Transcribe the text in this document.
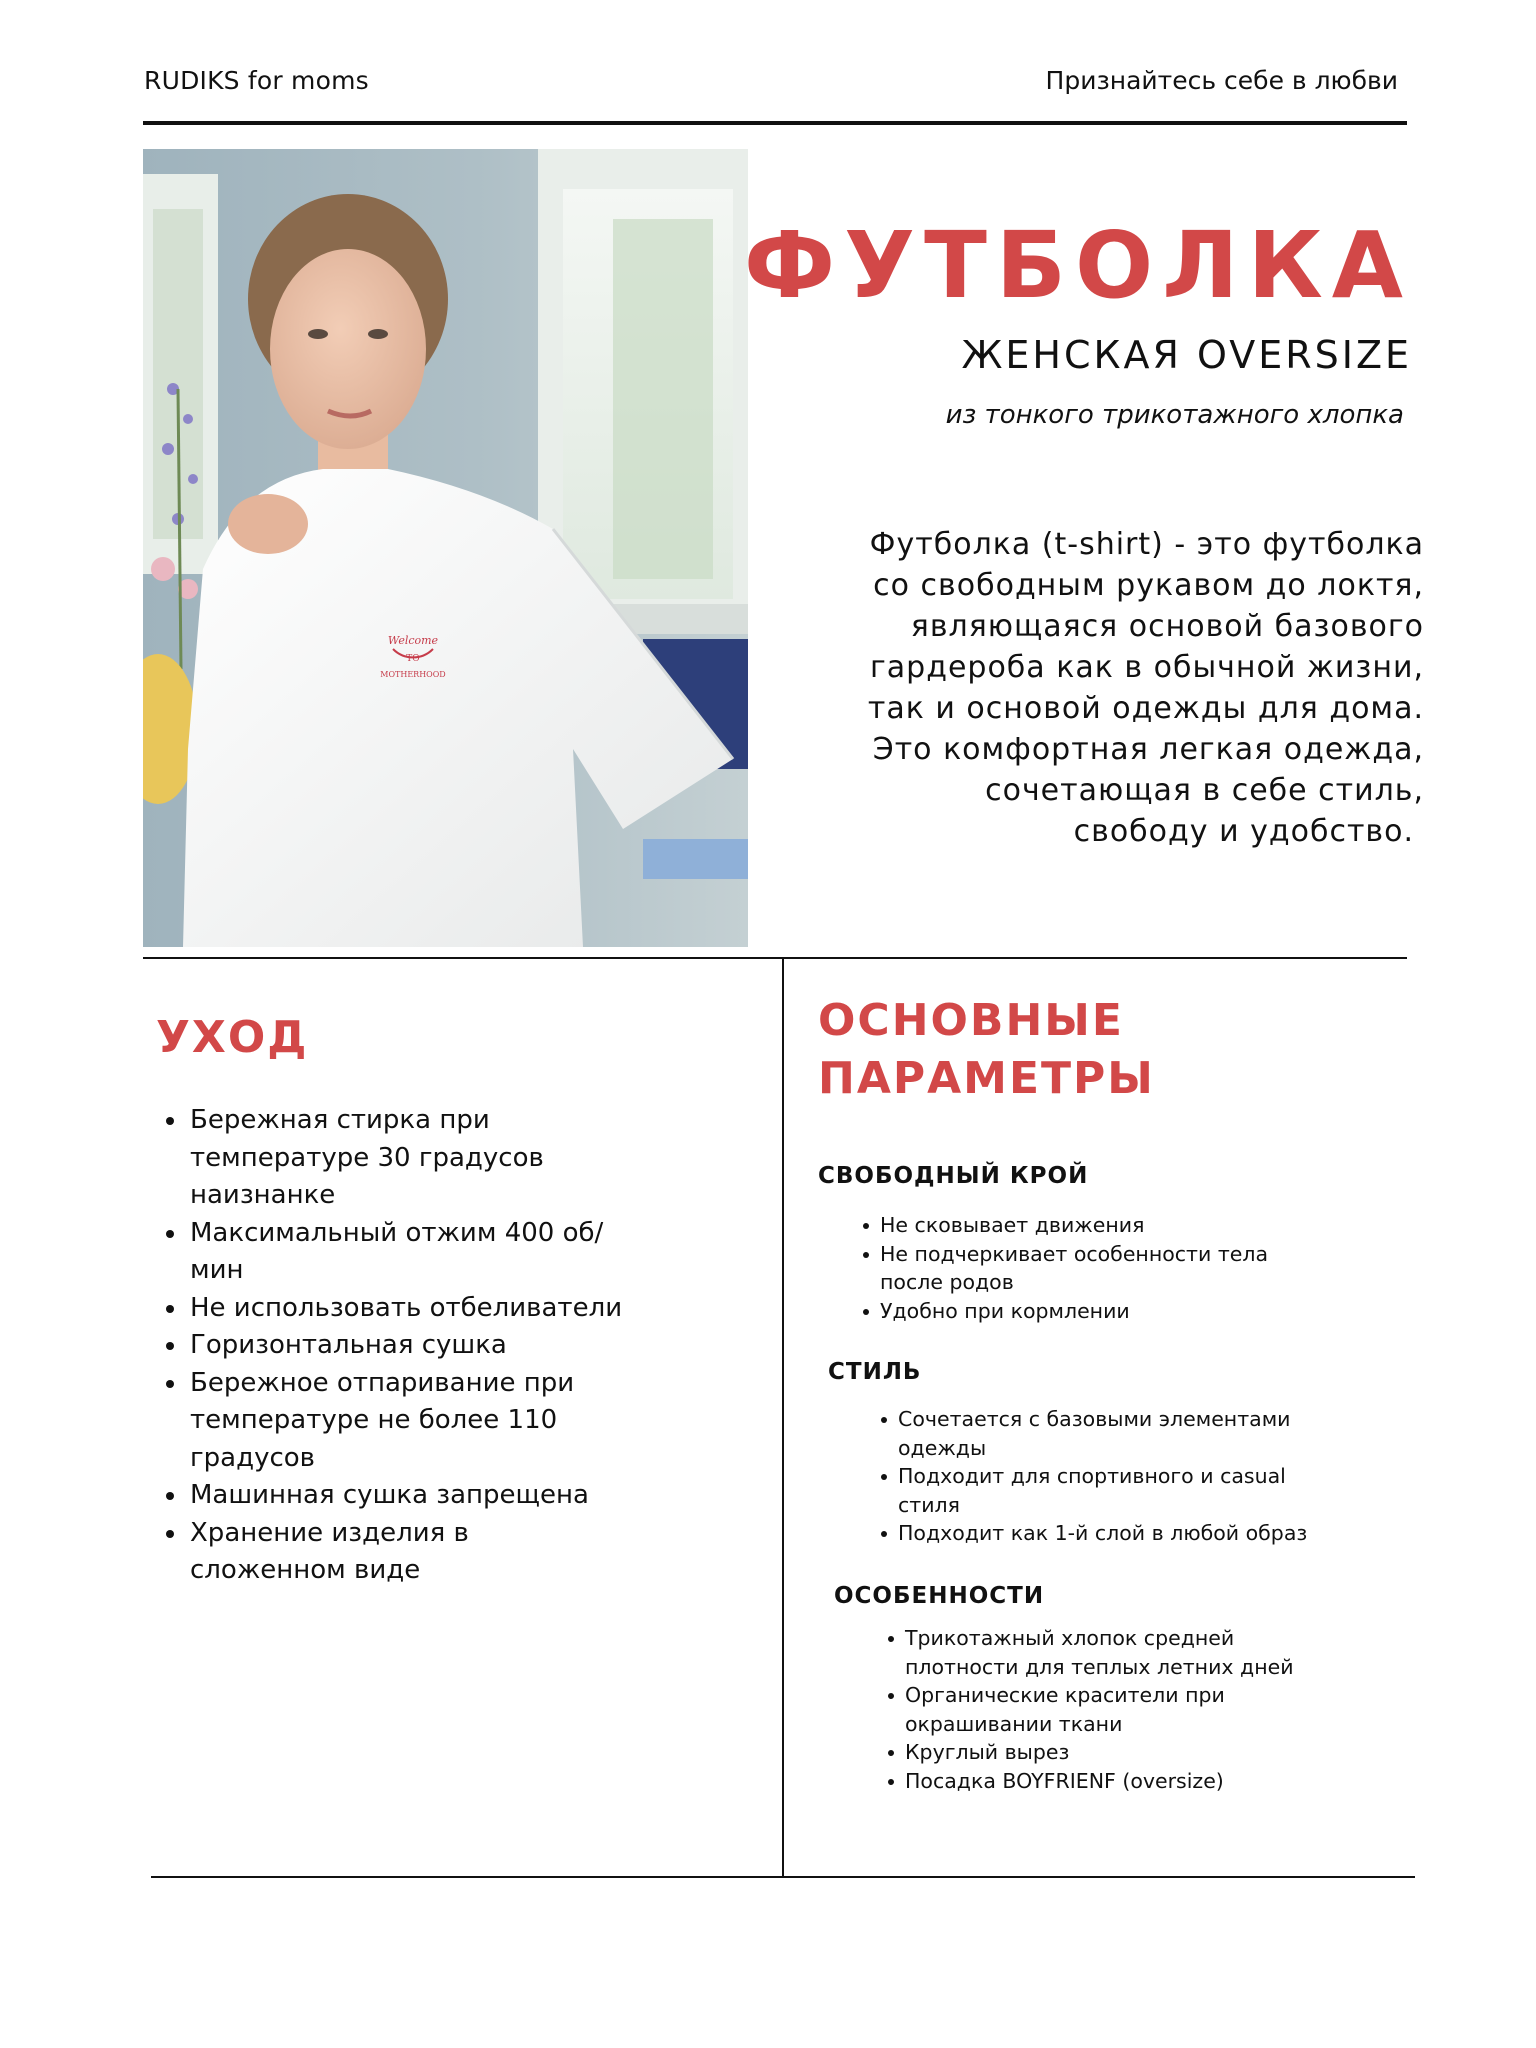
RUDIKS for moms	Признайтесь себе в любви
Welcome
TO
MOTHERHOOD
ФУТБОЛКА
ЖЕНСКАЯ OVERSIZE
из тонкого трикотажного хлопка
Футболка (t-shirt) - это футболка
со свободным рукавом до локтя,
являющаяся основой базового
гардероба как в обычной жизни,
так и основой одежды для дома.
Это комфортная легкая одежда,
сочетающая в себе стиль,
свободу и удобство.
УХОД
Бережная стирка при температуре 30 градусов наизнанке
Максимальный отжим 400 об/мин
Не использовать отбеливатели
Горизонтальная сушка
Бережное отпаривание при температуре не более 110 градусов
Машинная сушка запрещена
Хранение изделия в сложенном виде
ОСНОВНЫЕ
ПАРАМЕТРЫ
СВОБОДНЫЙ КРОЙ
Не сковывает движения
Не подчеркивает особенности тела после родов
Удобно при кормлении
СТИЛЬ
Сочетается с базовыми элементами одежды
Подходит для спортивного и casual стиля
Подходит как 1-й слой в любой образ
ОСОБЕННОСТИ
Трикотажный хлопок средней плотности для теплых летних дней
Органические красители при окрашивании ткани
Круглый вырез
Посадка BOYFRIENF (oversize)
